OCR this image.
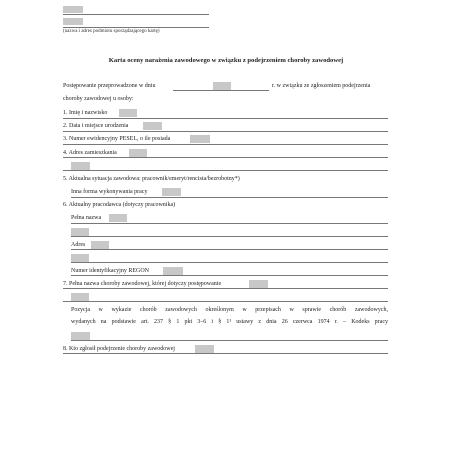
(nazwa i adres podmiotu sporządzającego kartę)
Karta oceny narażenia zawodowego w związku z podejrzeniem choroby zawodowej
Postępowanie przeprowadzone w dniu	r. w związku ze zgłoszeniem podejrzenia
choroby zawodowej u osoby:
1. Imię i nazwisko
2. Data i miejsce urodzenia
3. Numer ewidencyjny PESEL, o ile posiada
4. Adres zamieszkania
5. Aktualna sytuacja zawodowa: pracownik/emeryt/rencista/bezrobotny*)
Inna forma wykonywania pracy
6. Aktualny pracodawca (dotyczy pracownika)
Pełna nazwa
Adres
Numer identyfikacyjny REGON
7. Pełna nazwa choroby zawodowej, której dotyczy postępowanie
Pozycja w wykazie chorób zawodowych określonym w przepisach w sprawie chorób zawodowych,
wydanych na podstawie art. 237 § 1 pkt 3–6 i § 1¹ ustawy z dnia 26 czerwca 1974 r. – Kodeks pracy
8. Kto zgłosił podejrzenie choroby zawodowej
